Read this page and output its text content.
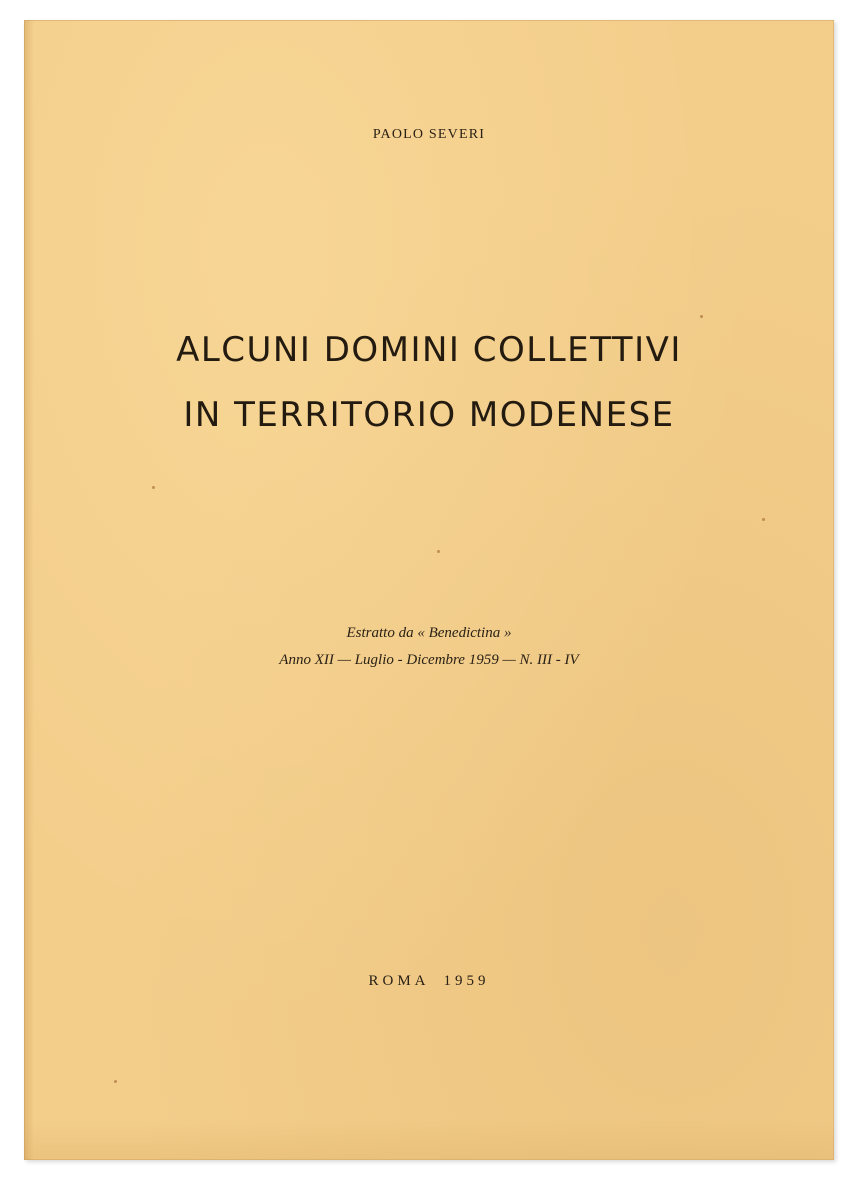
PAOLO SEVERI
ALCUNI DOMINI COLLETTIVI
IN TERRITORIO MODENESE
Estratto da « Benedictina »
Anno XII — Luglio - Dicembre 1959 — N. III - IV
ROMA 1959
